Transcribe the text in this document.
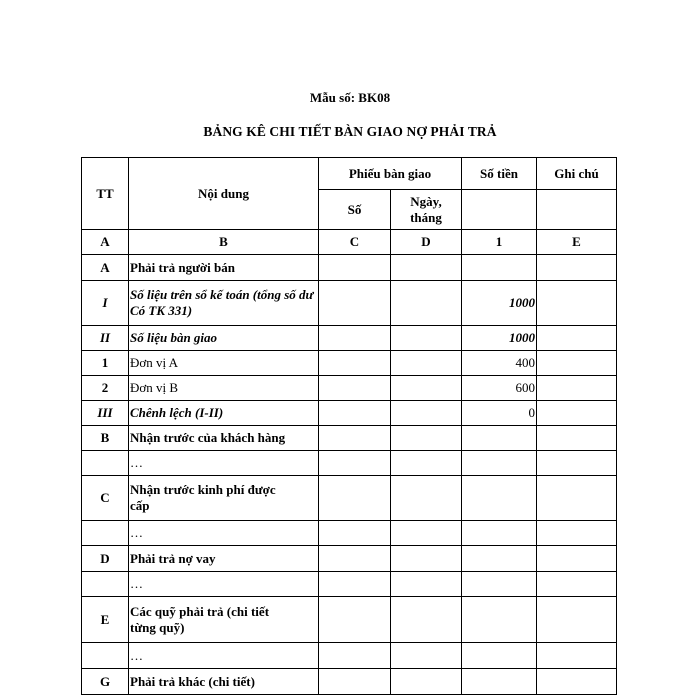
Mẫu số: BK08
BẢNG KÊ CHI TIẾT BÀN GIAO NỢ PHẢI TRẢ
TT	Nội dung	Phiếu bàn giao		Số tiền	Ghi chú
		Số	Ngày, tháng		
A	B	C	D	1	E
A	Phải trả người bán				
I	Số liệu trên sổ kế toán (tổng số dư Có TK 331)			1000	
II	Số liệu bàn giao			1000	
1	Đơn vị A			400	
2	Đơn vị B			600	
III	Chênh lệch (I-II)			0	
B	Nhận trước của khách hàng				
	…				
C	Nhận trước kinh phí được cấp				
	…				
D	Phải trả nợ vay				
	…				
E	Các quỹ phải trả (chi tiết từng quỹ)				
	…				
G	Phải trả khác (chi tiết)				
